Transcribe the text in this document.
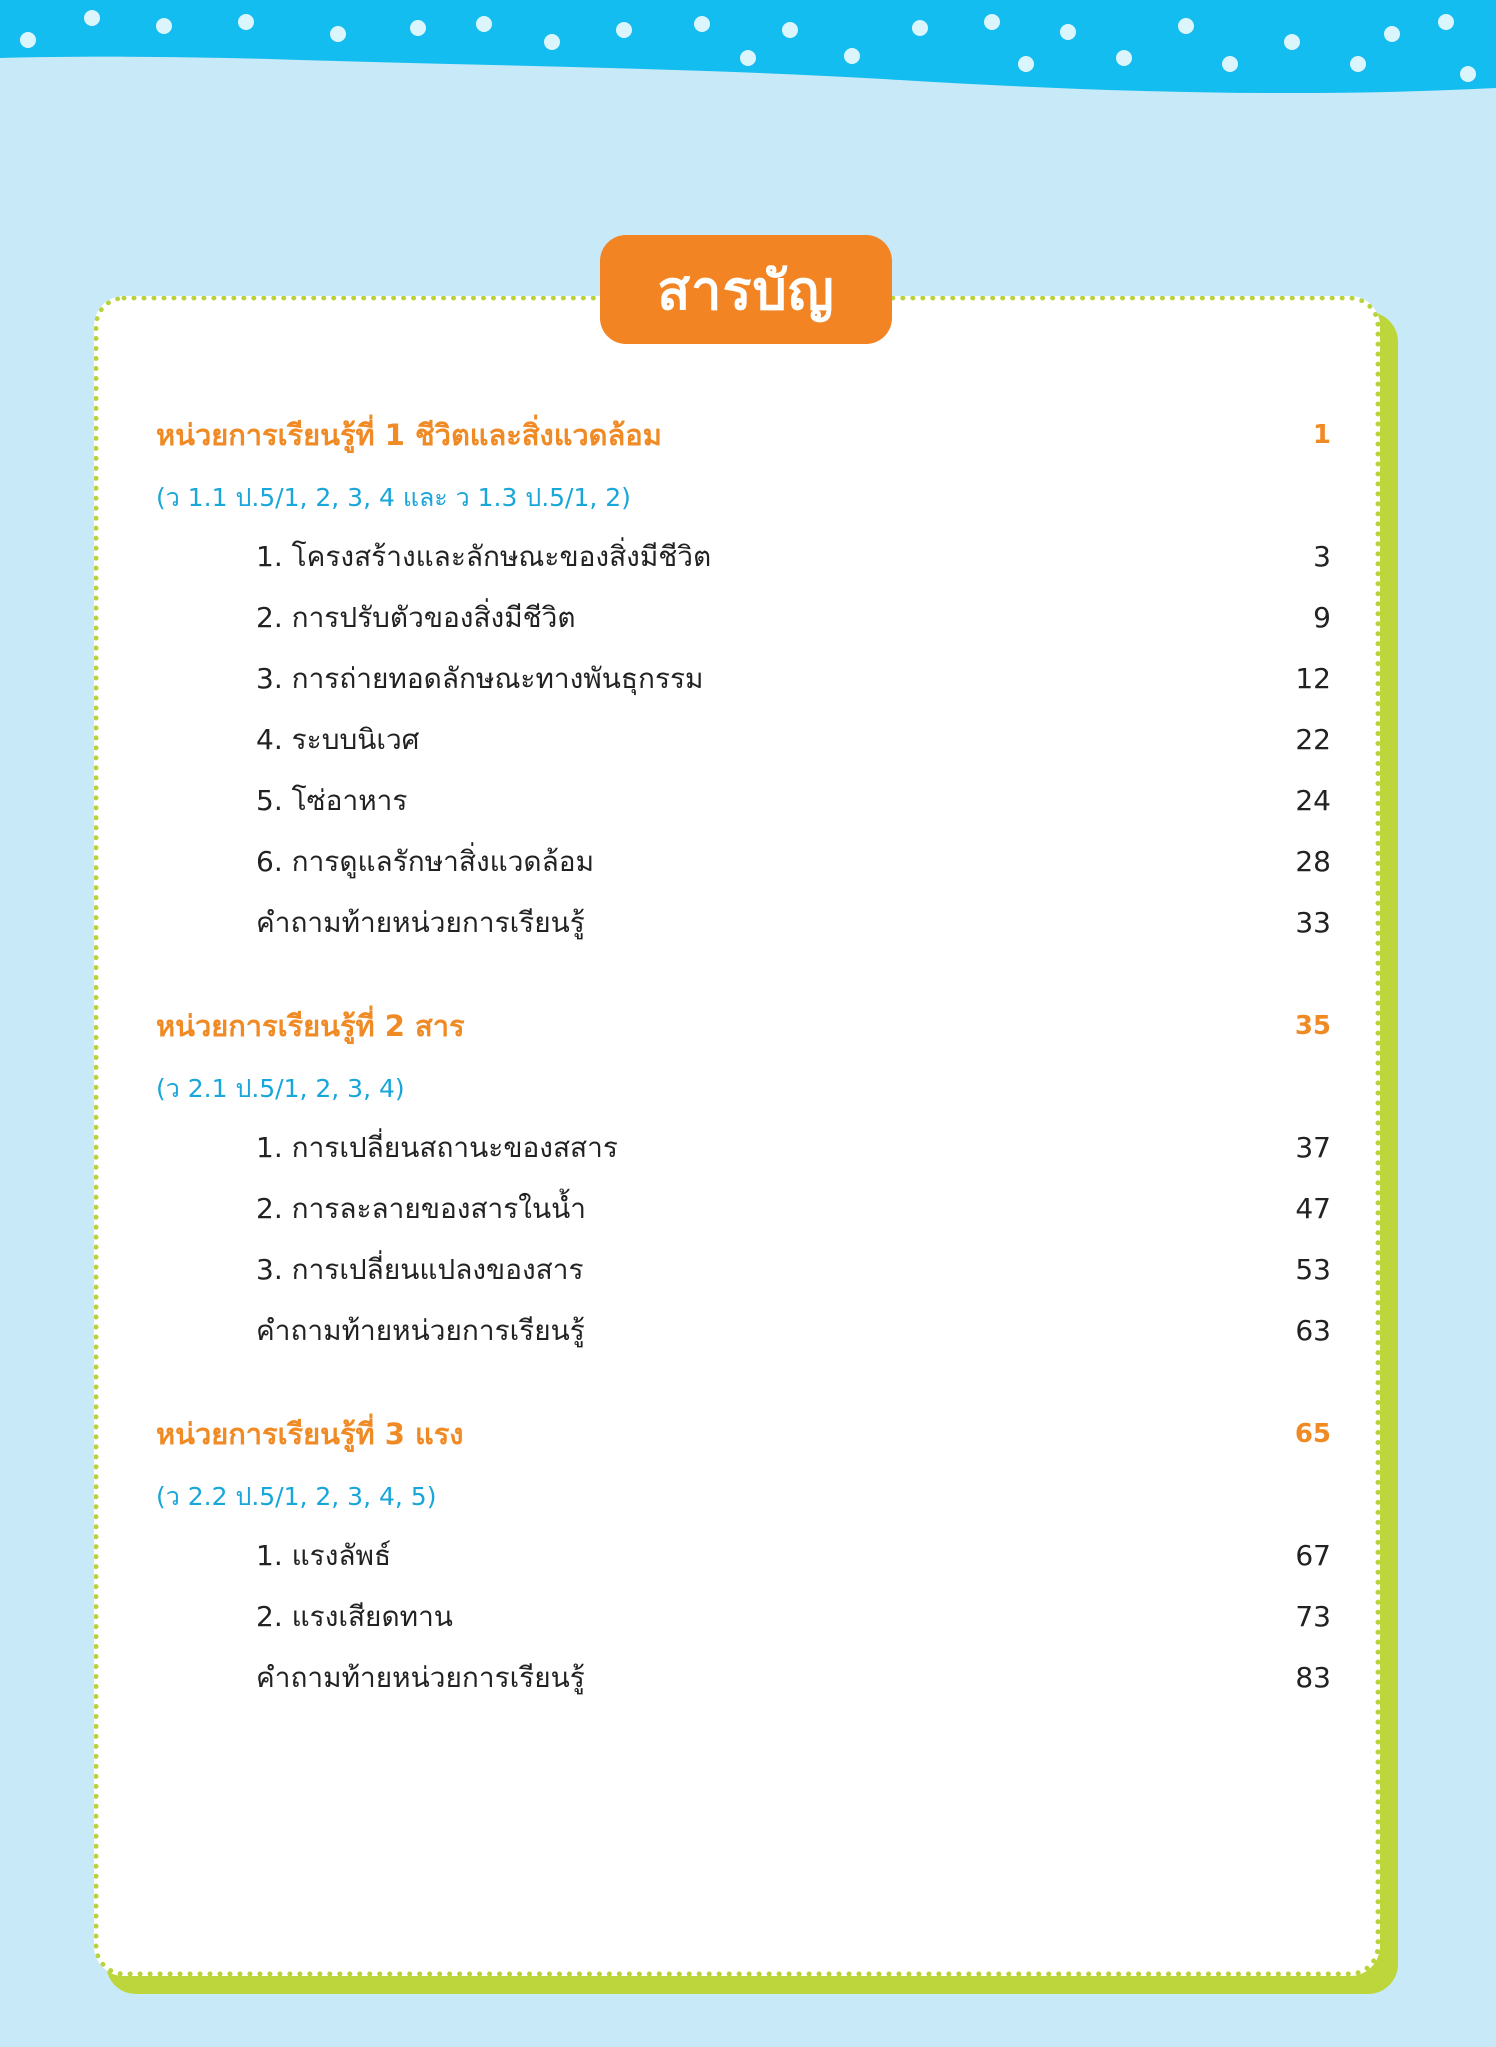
สารบัญ
หน่วยการเรียนรู้ที่ 1 ชีวิตและสิ่งแวดล้อม	1
(ว 1.1 ป.5/1, 2, 3, 4 และ ว 1.3 ป.5/1, 2)
1. โครงสร้างและลักษณะของสิ่งมีชีวิต	3
2. การปรับตัวของสิ่งมีชีวิต	9
3. การถ่ายทอดลักษณะทางพันธุกรรม	12
4. ระบบนิเวศ	22
5. โซ่อาหาร	24
6. การดูแลรักษาสิ่งแวดล้อม	28
คำถามท้ายหน่วยการเรียนรู้	33
หน่วยการเรียนรู้ที่ 2 สาร	35
(ว 2.1 ป.5/1, 2, 3, 4)
1. การเปลี่ยนสถานะของสสาร	37
2. การละลายของสารในน้ำ	47
3. การเปลี่ยนแปลงของสาร	53
คำถามท้ายหน่วยการเรียนรู้	63
หน่วยการเรียนรู้ที่ 3 แรง	65
(ว 2.2 ป.5/1, 2, 3, 4, 5)
1. แรงลัพธ์	67
2. แรงเสียดทาน	73
คำถามท้ายหน่วยการเรียนรู้	83
